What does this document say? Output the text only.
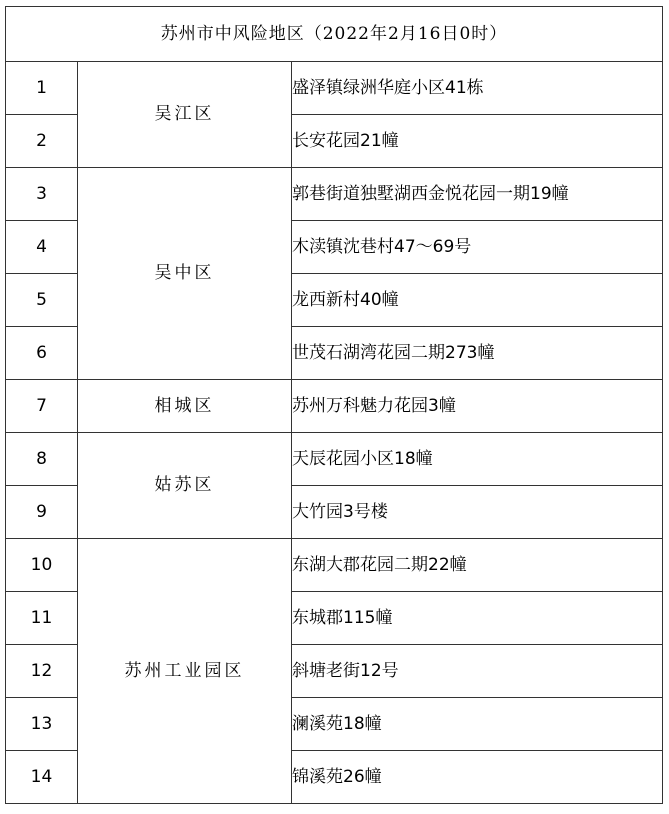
苏州市中风险地区（2022年2月16日0时）		
1	吴江区	盛泽镇绿洲华庭小区41栋
2		长安花园21幢
3	吴中区	郭巷街道独墅湖西金悦花园一期19幢
4		木渎镇沈巷村47～69号
5		龙西新村40幢
6		世茂石湖湾花园二期273幢
7	相城区	苏州万科魅力花园3幢
8	姑苏区	天辰花园小区18幢
9		大竹园3号楼
10	苏州工业园区	东湖大郡花园二期22幢
11		东城郡115幢
12		斜塘老街12号
13		澜溪苑18幢
14		锦溪苑26幢
